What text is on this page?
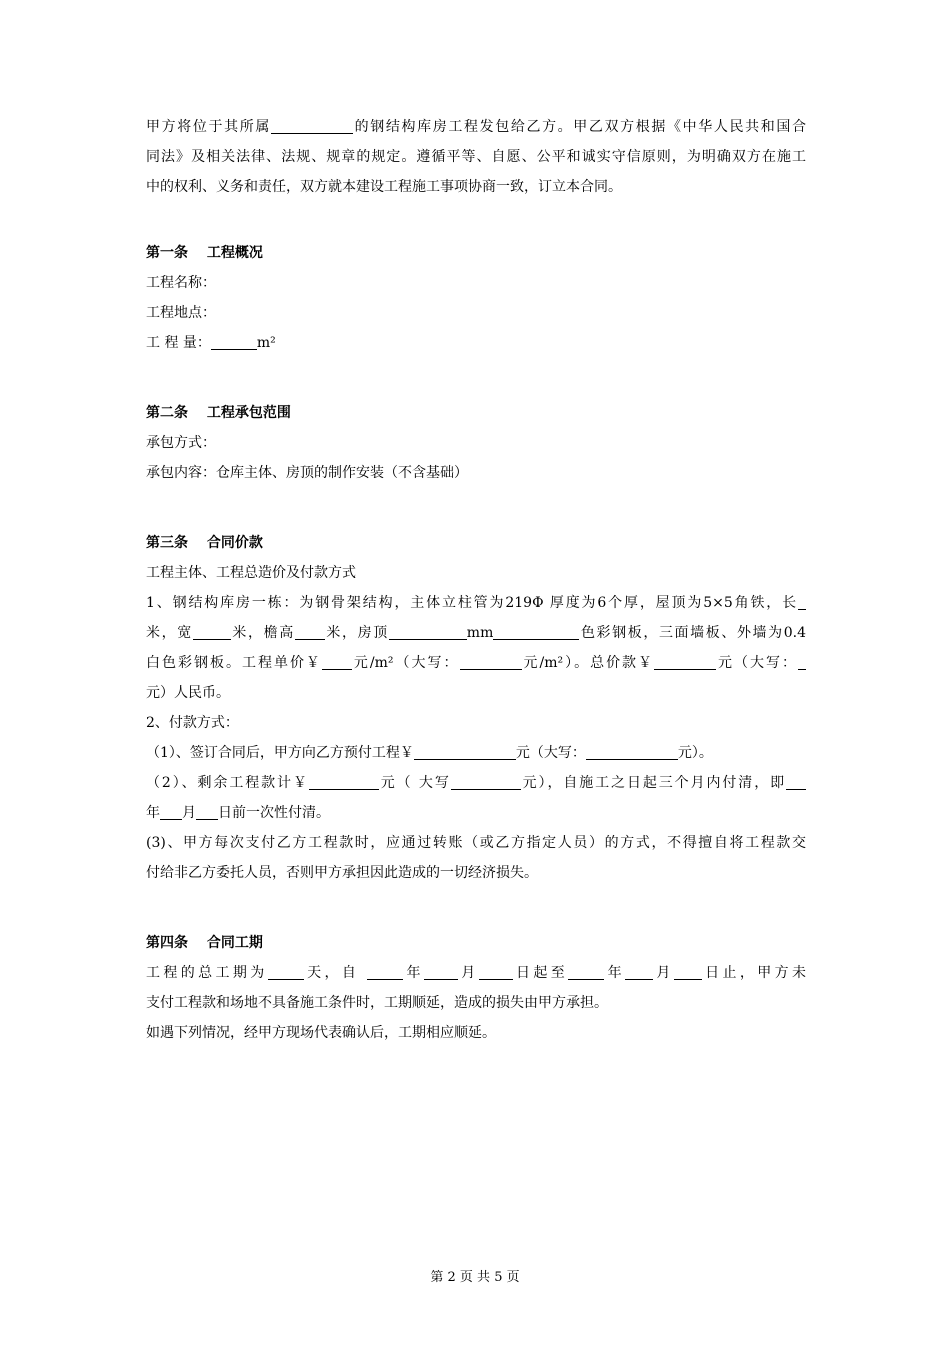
甲方将位于其所属	的钢结构库房工程发包给乙方。甲乙双方根据《中华人民共和国合

同法》及相关法律、法规、规章的规定。遵循平等、自愿、公平和诚实守信原则，为明确双方在施工

中的权利、义务和责任，双方就本建设工程施工事项协商一致，订立本合同。

第一条　 工程概况

工程名称：

工程地点：

工 程 量：	m²

第二条　 工程承包范围

承包方式：

承包内容：仓库主体、房顶的制作安装（不含基础）

第三条　 合同价款

工程主体、工程总造价及付款方式

1、钢结构库房一栋：为钢骨架结构，主体立柱管为219Φ 厚度为6个厚，屋顶为5×5角铁，长

米，宽	米，檐高 米，房顶	mm	色彩钢板，三面墙板、外墙为0.4

白色彩钢板。工程单价￥ 元/m²（大写：	元/m²）。总价款￥	元（大写：

元）人民币。

2、付款方式：

（1）、签订合同后，甲方向乙方预付工程￥	元（大写：	元）。

（2）、剩余工程款计￥	元（ 大写	元），自施工之日起三个月内付清，即

年 月 日前一次性付清。

(3)、甲方每次支付乙方工程款时，应通过转账（或乙方指定人员）的方式，不得擅自将工程款交

付给非乙方委托人员，否则甲方承担因此造成的一切经济损失。

第四条　 合同工期

工程的总工期为	天，自	年 月 日起至	年 月 日止，甲方未

支付工程款和场地不具备施工条件时，工期顺延，造成的损失由甲方承担。

如遇下列情况，经甲方现场代表确认后，工期相应顺延。

第 2 页 共 5 页
